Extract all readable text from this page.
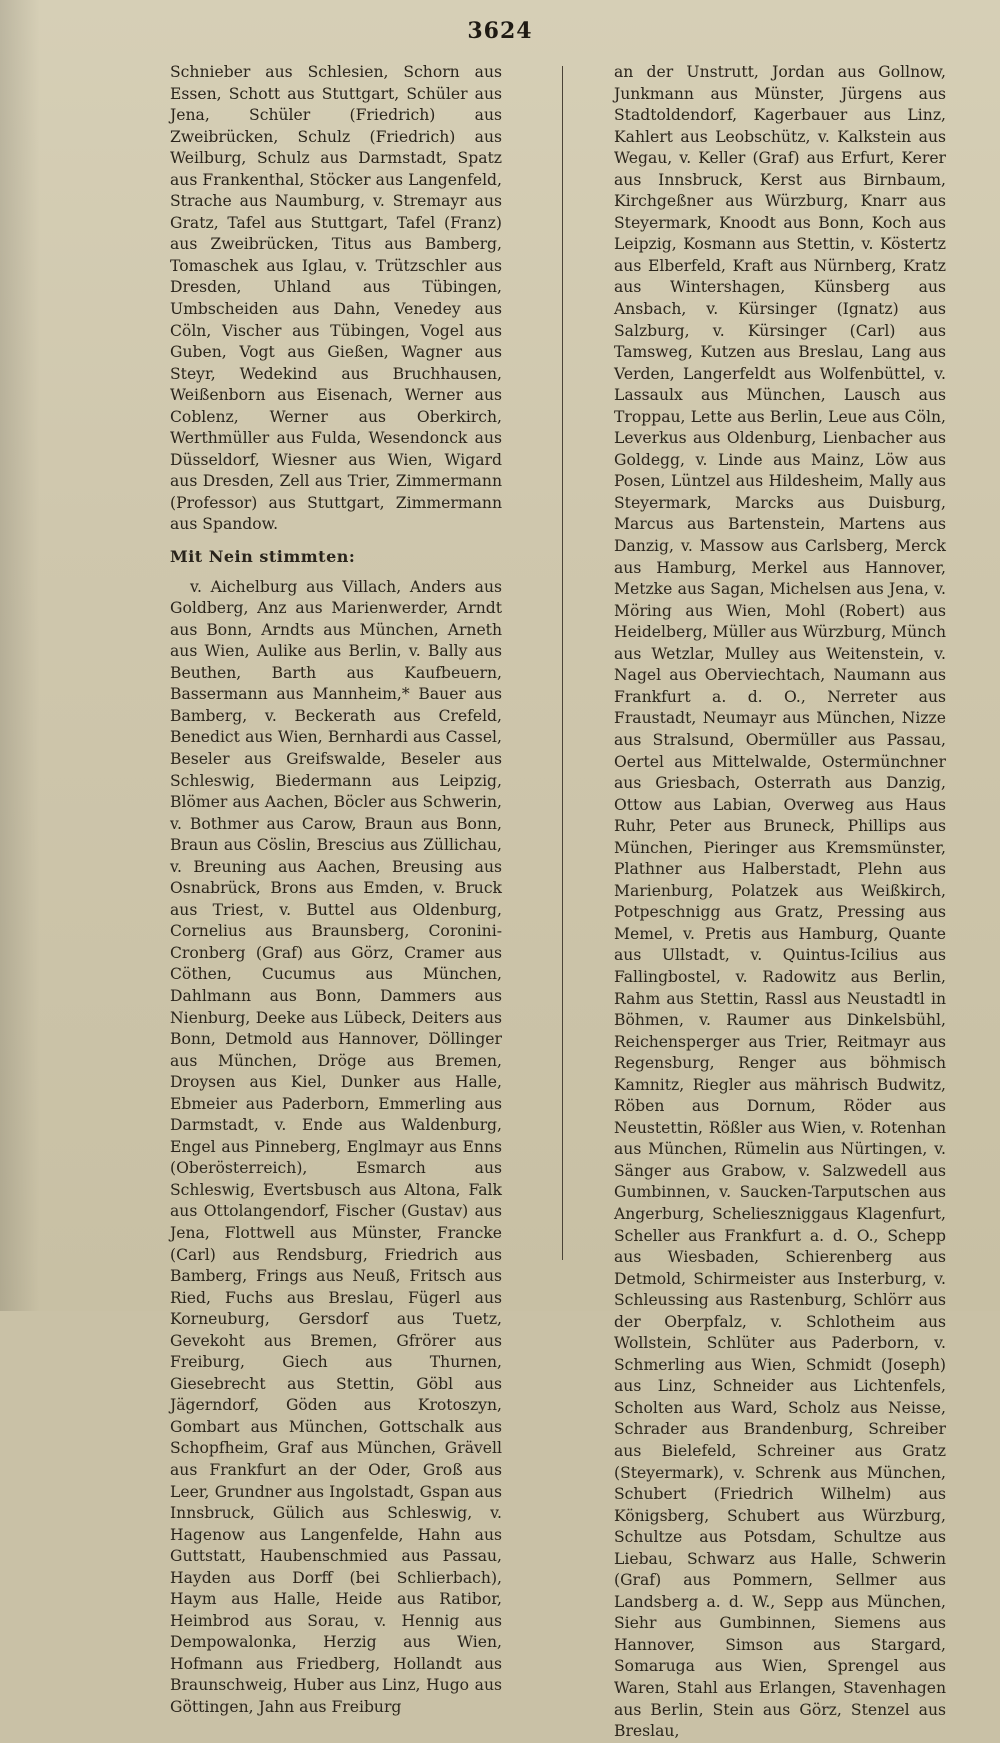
3624

Schnieber aus Schlesien, Schorn aus Essen, Schott aus Stuttgart, Schüler aus Jena, Schüler (Friedrich) aus Zweibrücken, Schulz (Friedrich) aus Weilburg, Schulz aus Darmstadt, Spatz aus Frankenthal, Stöcker aus Langenfeld, Strache aus Naumburg, v. Stremayr aus Gratz, Tafel aus Stuttgart, Tafel (Franz) aus Zweibrücken, Titus aus Bamberg, Tomaschek aus Iglau, v. Trützschler aus Dresden, Uhland aus Tübingen, Umbscheiden aus Dahn, Venedey aus Cöln, Vischer aus Tübingen, Vogel aus Guben, Vogt aus Gießen, Wagner aus Steyr, Wedekind aus Bruchhausen, Weißenborn aus Eisenach, Werner aus Coblenz, Werner aus Oberkirch, Werthmüller aus Fulda, Wesendonck aus Düsseldorf, Wiesner aus Wien, Wigard aus Dresden, Zell aus Trier, Zimmermann (Professor) aus Stuttgart, Zimmermann aus Spandow.

Mit Nein stimmten:

v. Aichelburg aus Villach, Anders aus Goldberg, Anz aus Marienwerder, Arndt aus Bonn, Arndts aus München, Arneth aus Wien, Aulike aus Berlin, v. Bally aus Beuthen, Barth aus Kaufbeuern, Bassermann aus Mannheim,* Bauer aus Bamberg, v. Beckerath aus Crefeld, Benedict aus Wien, Bernhardi aus Cassel, Beseler aus Greifswalde, Beseler aus Schleswig, Biedermann aus Leipzig, Blömer aus Aachen, Böcler aus Schwerin, v. Bothmer aus Carow, Braun aus Bonn, Braun aus Cöslin, Brescius aus Züllichau, v. Breuning aus Aachen, Breusing aus Osnabrück, Brons aus Emden, v. Bruck aus Triest, v. Buttel aus Oldenburg, Cornelius aus Braunsberg, Coronini-Cronberg (Graf) aus Görz, Cramer aus Cöthen, Cucumus aus München, Dahlmann aus Bonn, Dammers aus Nienburg, Deeke aus Lübeck, Deiters aus Bonn, Detmold aus Hannover, Döllinger aus München, Dröge aus Bremen, Droysen aus Kiel, Dunker aus Halle, Ebmeier aus Paderborn, Emmerling aus Darmstadt, v. Ende aus Waldenburg, Engel aus Pinneberg, Englmayr aus Enns (Oberösterreich), Esmarch aus Schleswig, Evertsbusch aus Altona, Falk aus Ottolangendorf, Fischer (Gustav) aus Jena, Flottwell aus Münster, Francke (Carl) aus Rendsburg, Friedrich aus Bamberg, Frings aus Neuß, Fritsch aus Ried, Fuchs aus Breslau, Fügerl aus Korneuburg, Gersdorf aus Tuetz, Gevekoht aus Bremen, Gfrörer aus Freiburg, Giech aus Thurnen, Giesebrecht aus Stettin, Göbl aus Jägerndorf, Göden aus Krotoszyn, Gombart aus München, Gottschalk aus Schopfheim, Graf aus München, Grävell aus Frankfurt an der Oder, Groß aus Leer, Grundner aus Ingolstadt, Gspan aus Innsbruck, Gülich aus Schleswig, v. Hagenow aus Langenfelde, Hahn aus Guttstatt, Haubenschmied aus Passau, Hayden aus Dorff (bei Schlierbach), Haym aus Halle, Heide aus Ratibor, Heimbrod aus Sorau, v. Hennig aus Dempowalonka, Herzig aus Wien, Hofmann aus Friedberg, Hollandt aus Braunschweig, Huber aus Linz, Hugo aus Göttingen, Jahn aus Freiburg

an der Unstrutt, Jordan aus Gollnow, Junkmann aus Münster, Jürgens aus Stadtoldendorf, Kagerbauer aus Linz, Kahlert aus Leobschütz, v. Kalkstein aus Wegau, v. Keller (Graf) aus Erfurt, Kerer aus Innsbruck, Kerst aus Birnbaum, Kirchgeßner aus Würzburg, Knarr aus Steyermark, Knoodt aus Bonn, Koch aus Leipzig, Kosmann aus Stettin, v. Köstertz aus Elberfeld, Kraft aus Nürnberg, Kratz aus Wintershagen, Künsberg aus Ansbach, v. Kürsinger (Ignatz) aus Salzburg, v. Kürsinger (Carl) aus Tamsweg, Kutzen aus Breslau, Lang aus Verden, Langerfeldt aus Wolfenbüttel, v. Lassaulx aus München, Lausch aus Troppau, Lette aus Berlin, Leue aus Cöln, Leverkus aus Oldenburg, Lienbacher aus Goldegg, v. Linde aus Mainz, Löw aus Posen, Lüntzel aus Hildesheim, Mally aus Steyermark, Marcks aus Duisburg, Marcus aus Bartenstein, Martens aus Danzig, v. Massow aus Carlsberg, Merck aus Hamburg, Merkel aus Hannover, Metzke aus Sagan, Michelsen aus Jena, v. Möring aus Wien, Mohl (Robert) aus Heidelberg, Müller aus Würzburg, Münch aus Wetzlar, Mulley aus Weitenstein, v. Nagel aus Oberviechtach, Naumann aus Frankfurt a. d. O., Nerreter aus Fraustadt, Neumayr aus München, Nizze aus Stralsund, Obermüller aus Passau, Oertel aus Mittelwalde, Ostermünchner aus Griesbach, Osterrath aus Danzig, Ottow aus Labian, Overweg aus Haus Ruhr, Peter aus Bruneck, Phillips aus München, Pieringer aus Kremsmünster, Plathner aus Halberstadt, Plehn aus Marienburg, Polatzek aus Weißkirch, Potpeschnigg aus Gratz, Pressing aus Memel, v. Pretis aus Hamburg, Quante aus Ullstadt, v. Quintus-Icilius aus Fallingbostel, v. Radowitz aus Berlin, Rahm aus Stettin, Rassl aus Neustadtl in Böhmen, v. Raumer aus Dinkelsbühl, Reichensperger aus Trier, Reitmayr aus Regensburg, Renger aus böhmisch Kamnitz, Riegler aus mährisch Budwitz, Röben aus Dornum, Röder aus Neustettin, Rößler aus Wien, v. Rotenhan aus München, Rümelin aus Nürtingen, v. Sänger aus Grabow, v. Salzwedell aus Gumbinnen, v. Saucken-Tarputschen aus Angerburg, Schelieszniggaus Klagenfurt, Scheller aus Frankfurt a. d. O., Schepp aus Wiesbaden, Schierenberg aus Detmold, Schirmeister aus Insterburg, v. Schleussing aus Rastenburg, Schlörr aus der Oberpfalz, v. Schlotheim aus Wollstein, Schlüter aus Paderborn, v. Schmerling aus Wien, Schmidt (Joseph) aus Linz, Schneider aus Lichtenfels, Scholten aus Ward, Scholz aus Neisse, Schrader aus Brandenburg, Schreiber aus Bielefeld, Schreiner aus Gratz (Steyermark), v. Schrenk aus München, Schubert (Friedrich Wilhelm) aus Königsberg, Schubert aus Würzburg, Schultze aus Potsdam, Schultze aus Liebau, Schwarz aus Halle, Schwerin (Graf) aus Pommern, Sellmer aus Landsberg a. d. W., Sepp aus München, Siehr aus Gumbinnen, Siemens aus Hannover, Simson aus Stargard, Somaruga aus Wien, Sprengel aus Waren, Stahl aus Erlangen, Stavenhagen aus Berlin, Stein aus Görz, Stenzel aus Breslau,
